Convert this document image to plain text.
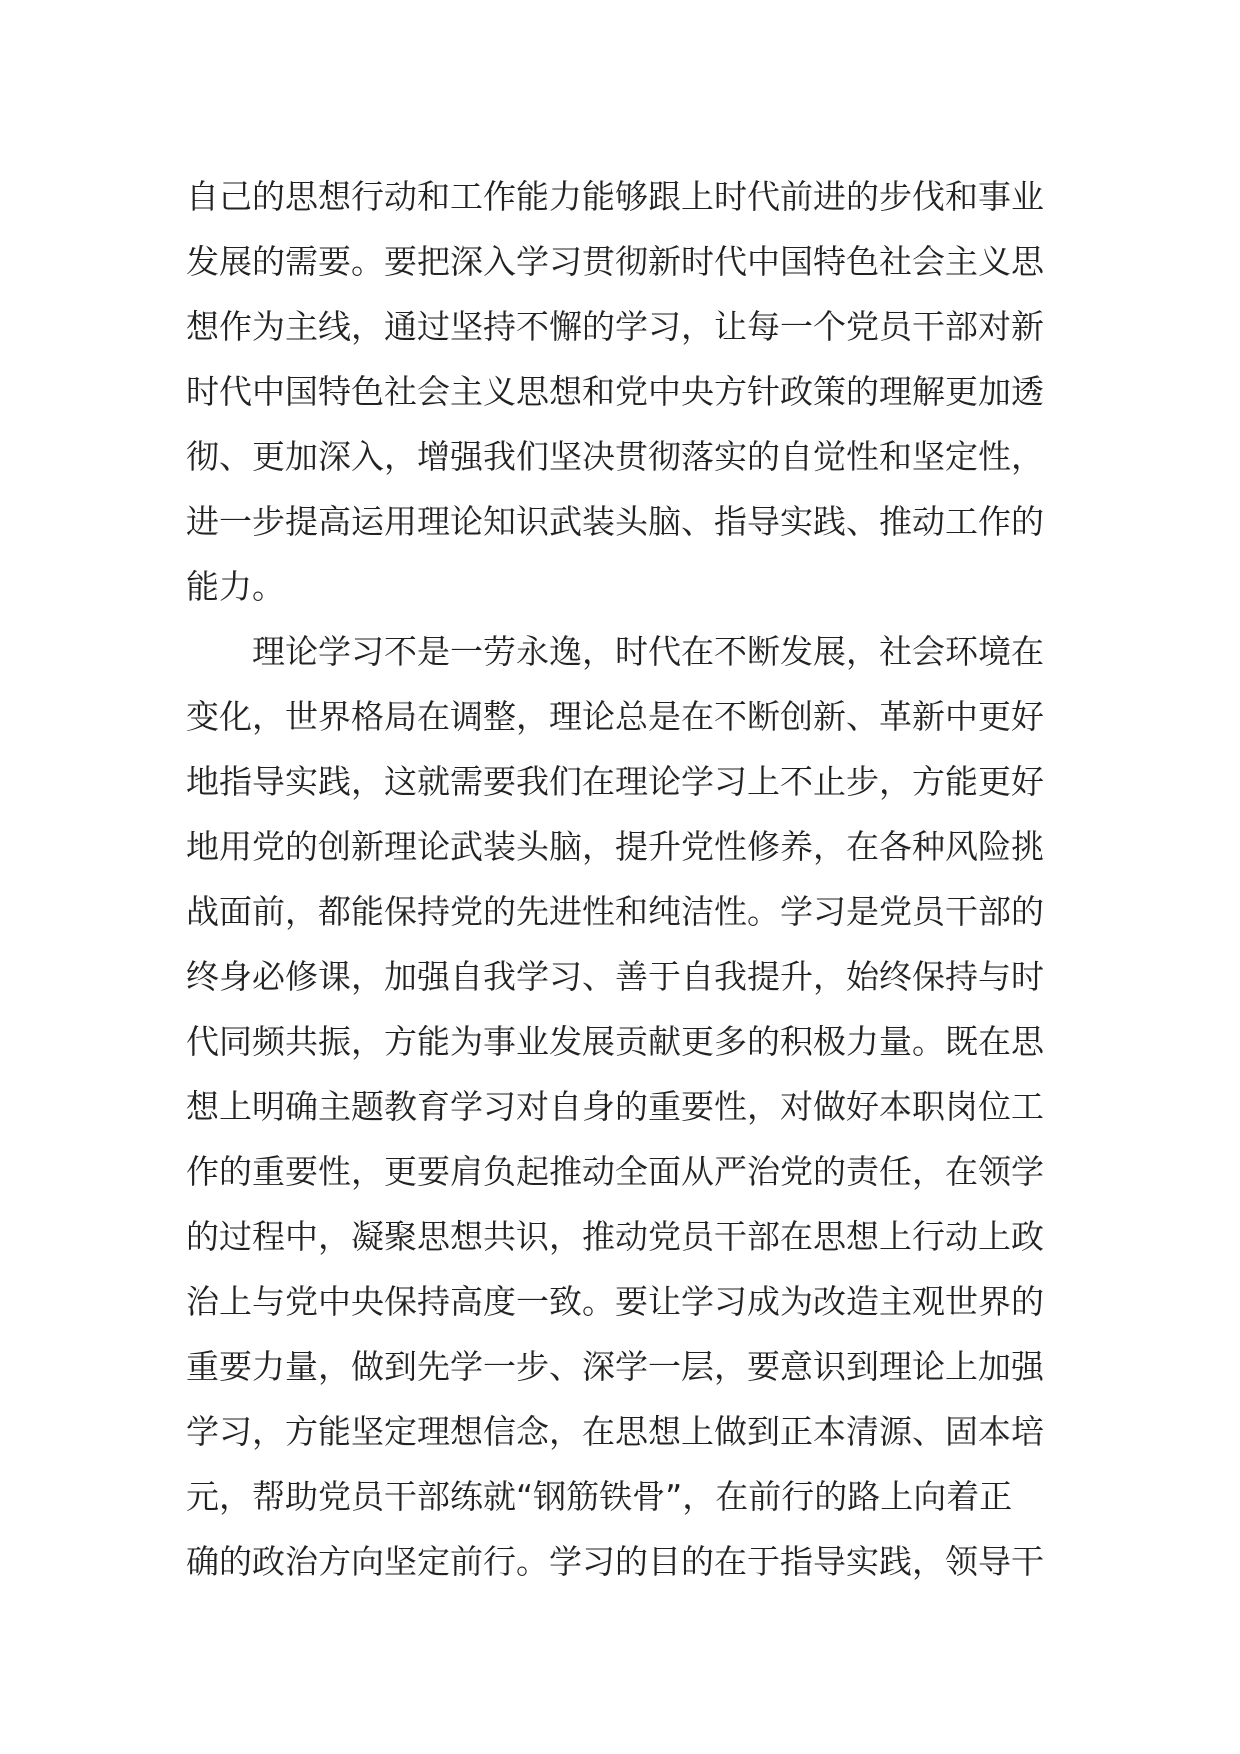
自己的思想行动和工作能力能够跟上时代前进的步伐和事业
发展的需要。要把深入学习贯彻新时代中国特色社会主义思
想作为主线，通过坚持不懈的学习，让每一个党员干部对新
时代中国特色社会主义思想和党中央方针政策的理解更加透
彻、更加深入，增强我们坚决贯彻落实的自觉性和坚定性，
进一步提高运用理论知识武装头脑、指导实践、推动工作的
能力。
理论学习不是一劳永逸，时代在不断发展，社会环境在
变化，世界格局在调整，理论总是在不断创新、革新中更好
地指导实践，这就需要我们在理论学习上不止步，方能更好
地用党的创新理论武装头脑，提升党性修养，在各种风险挑
战面前，都能保持党的先进性和纯洁性。学习是党员干部的
终身必修课，加强自我学习、善于自我提升，始终保持与时
代同频共振，方能为事业发展贡献更多的积极力量。既在思
想上明确主题教育学习对自身的重要性，对做好本职岗位工
作的重要性，更要肩负起推动全面从严治党的责任，在领学
的过程中，凝聚思想共识，推动党员干部在思想上行动上政
治上与党中央保持高度一致。要让学习成为改造主观世界的
重要力量，做到先学一步、深学一层，要意识到理论上加强
学习，方能坚定理想信念，在思想上做到正本清源、固本培
元，帮助党员干部练就“钢筋铁骨”，在前行的路上向着正
确的政治方向坚定前行。学习的目的在于指导实践，领导干
